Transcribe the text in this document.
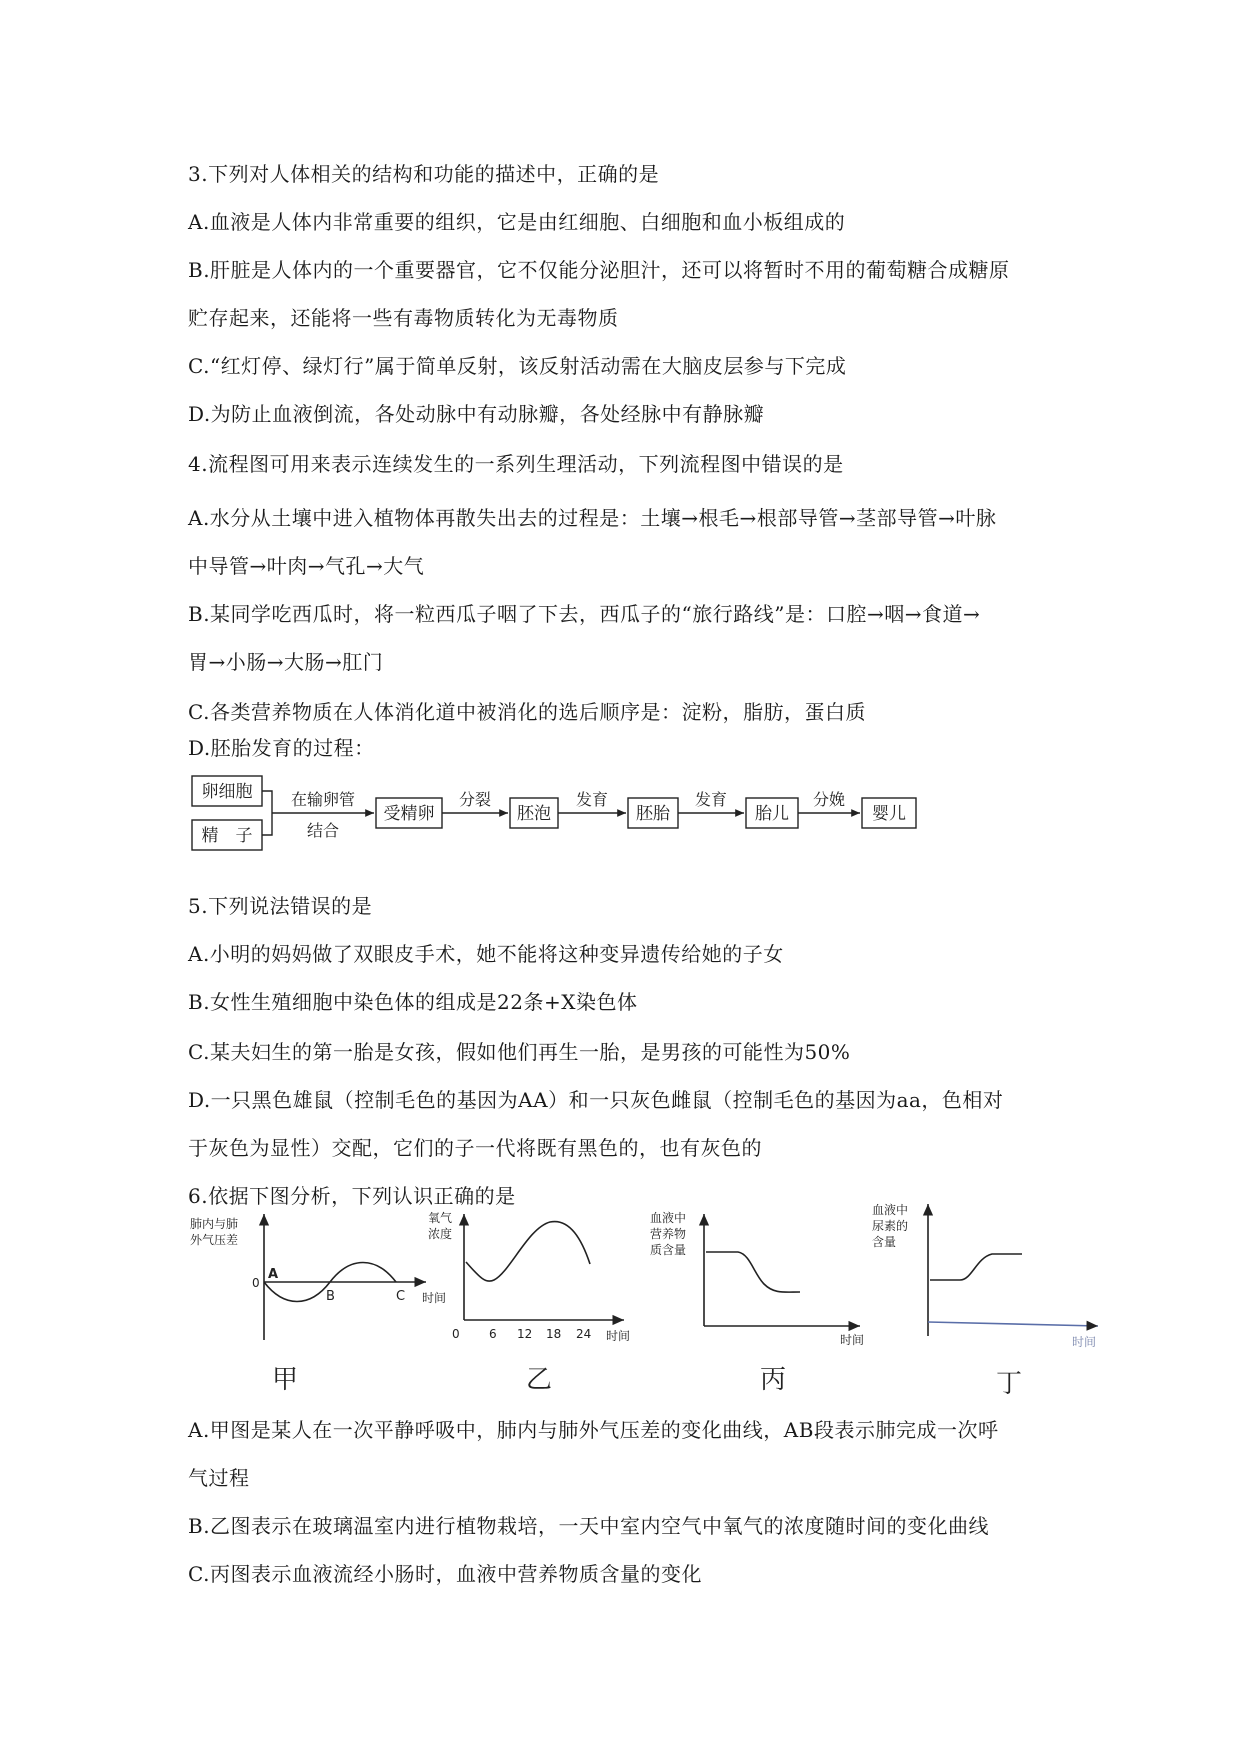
3.下列对人体相关的结构和功能的描述中，正确的是
A.血液是人体内非常重要的组织，它是由红细胞、白细胞和血小板组成的
B.肝脏是人体内的一个重要器官，它不仅能分泌胆汁，还可以将暂时不用的葡萄糖合成糖原
贮存起来，还能将一些有毒物质转化为无毒物质
C.“红灯停、绿灯行”属于简单反射，该反射活动需在大脑皮层参与下完成
D.为防止血液倒流，各处动脉中有动脉瓣，各处经脉中有静脉瓣
4.流程图可用来表示连续发生的一系列生理活动，下列流程图中错误的是
A.水分从土壤中进入植物体再散失出去的过程是：土壤→根毛→根部导管→茎部导管→叶脉
中导管→叶肉→气孔→大气
B.某同学吃西瓜时，将一粒西瓜子咽了下去，西瓜子的“旅行路线”是：口腔→咽→食道→
胃→小肠→大肠→肛门
C.各类营养物质在人体消化道中被消化的选后顺序是：淀粉，脂肪，蛋白质
D.胚胎发育的过程：
卵细胞
精　子
在输卵管
结合
受精卵
分裂
胚泡
发育
胚胎
发育
胎儿
分娩
婴儿
5.下列说法错误的是
A.小明的妈妈做了双眼皮手术，她不能将这种变异遗传给她的子女
B.女性生殖细胞中染色体的组成是22条+X染色体
C.某夫妇生的第一胎是女孩，假如他们再生一胎，是男孩的可能性为50%
D.一只黑色雄鼠（控制毛色的基因为AA）和一只灰色雌鼠（控制毛色的基因为aa，色相对
于灰色为显性）交配，它们的子一代将既有黑色的，也有灰色的
6.依据下图分析，下列认识正确的是
肺内与肺
外气压差
0
A
B	C 时间
甲
氧气
浓度
0 6 12 18 24 时间
乙
血液中
营养物
质含量
时间
丙
血液中
尿素的
含量
时间
丁
A.甲图是某人在一次平静呼吸中，肺内与肺外气压差的变化曲线，AB段表示肺完成一次呼
气过程
B.乙图表示在玻璃温室内进行植物栽培，一天中室内空气中氧气的浓度随时间的变化曲线
C.丙图表示血液流经小肠时，血液中营养物质含量的变化
